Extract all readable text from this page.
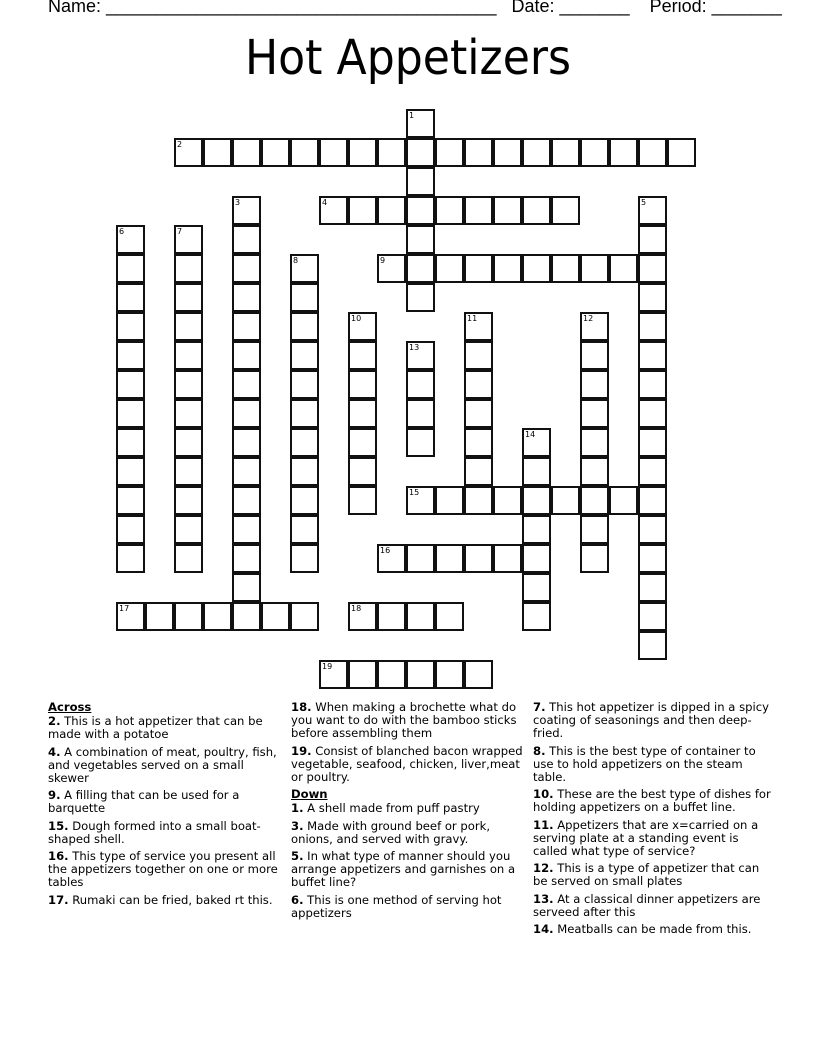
Name: _______________________________________ Date: _______ Period: _______
Hot Appetizers
1
2
3	4	5
6	7
8	9
10	11	12
13
14
15
16
17	18
19
Across
2. This is a hot appetizer that can be made with a potatoe
4. A combination of meat, poultry, fish, and vegetables served on a small skewer
9. A filling that can be used for a barquette
15. Dough formed into a small boat-shaped shell.
16. This type of service you present all the appetizers together on one or more tables
17. Rumaki can be fried, baked rt this.
18. When making a brochette what do you want to do with the bamboo sticks before assembling them
19. Consist of blanched bacon wrapped vegetable, seafood, chicken, liver,meat or poultry.
Down
1. A shell made from puff pastry
3. Made with ground beef or pork, onions, and served with gravy.
5. In what type of manner should you arrange appetizers and garnishes on a buffet line?
6. This is one method of serving hot appetizers
7. This hot appetizer is dipped in a spicy coating of seasonings and then deep-fried.
8. This is the best type of container to use to hold appetizers on the steam table.
10. These are the best type of dishes for holding appetizers on a buffet line.
11. Appetizers that are x=carried on a serving plate at a standing event is called what type of service?
12. This is a type of appetizer that can be served on small plates
13. At a classical dinner appetizers are serveed after this
14. Meatballs can be made from this.
